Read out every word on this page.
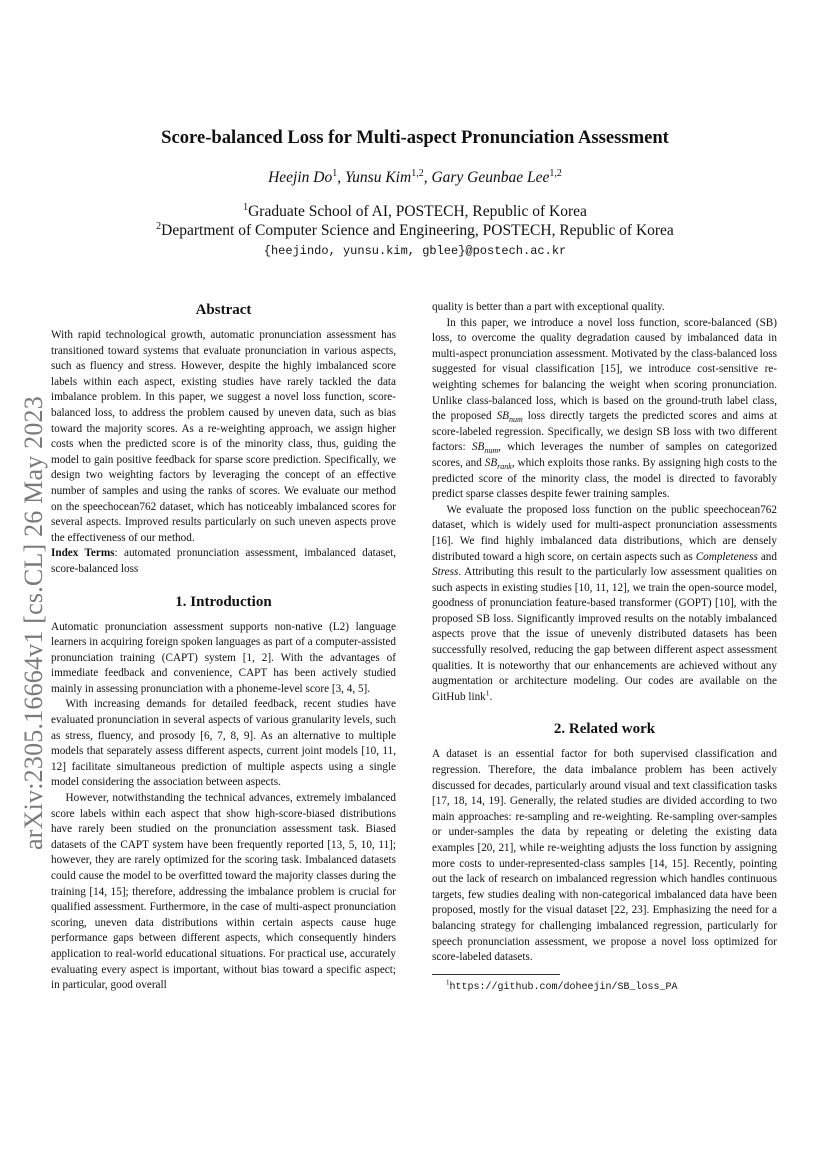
arXiv:2305.16664v1 [cs.CL] 26 May 2023
Score-balanced Loss for Multi-aspect Pronunciation Assessment
Heejin Do$^1$, Yunsu Kim$^{1,2}$, Gary Geunbae Lee$^{1,2}$
$^1$Graduate School of AI, POSTECH, Republic of Korea
$^2$Department of Computer Science and Engineering, POSTECH, Republic of Korea
{heejindo, yunsu.kim, gblee}@postech.ac.kr
Abstract

With rapid technological growth, automatic pronunciation assessment has transitioned toward systems that evaluate pronunciation in various aspects, such as fluency and stress. However, despite the highly imbalanced score labels within each aspect, existing studies have rarely tackled the data imbalance problem. In this paper, we suggest a novel loss function, score-balanced loss, to address the problem caused by uneven data, such as bias toward the majority scores. As a re-weighting approach, we assign higher costs when the predicted score is of the minority class, thus, guiding the model to gain positive feedback for sparse score prediction. Specifically, we design two weighting factors by leveraging the concept of an effective number of samples and using the ranks of scores. We evaluate our method on the speechocean762 dataset, which has noticeably imbalanced scores for several aspects. Improved results particularly on such uneven aspects prove the effectiveness of our method.

Index Terms: automated pronunciation assessment, imbalanced dataset, score-balanced loss

1. Introduction

Automatic pronunciation assessment supports non-native (L2) language learners in acquiring foreign spoken languages as part of a computer-assisted pronunciation training (CAPT) system [1, 2]. With the advantages of immediate feedback and convenience, CAPT has been actively studied mainly in assessing pronunciation with a phoneme-level score [3, 4, 5].

With increasing demands for detailed feedback, recent studies have evaluated pronunciation in several aspects of various granularity levels, such as stress, fluency, and prosody [6, 7, 8, 9]. As an alternative to multiple models that separately assess different aspects, current joint models [10, 11, 12] facilitate simultaneous prediction of multiple aspects using a single model considering the association between aspects.

However, notwithstanding the technical advances, extremely imbalanced score labels within each aspect that show high-score-biased distributions have rarely been studied on the pronunciation assessment task. Biased datasets of the CAPT system have been frequently reported [13, 5, 10, 11]; however, they are rarely optimized for the scoring task. Imbalanced datasets could cause the model to be overfitted toward the majority classes during the training [14, 15]; therefore, addressing the imbalance problem is crucial for qualified assessment. Furthermore, in the case of multi-aspect pronunciation scoring, uneven data distributions within certain aspects cause huge performance gaps between different aspects, which consequently hinders application to real-world educational situations. For practical use, accurately evaluating every aspect is important, without bias toward a specific aspect; in particular, good overall

quality is better than a part with exceptional quality.

In this paper, we introduce a novel loss function, score-balanced (SB) loss, to overcome the quality degradation caused by imbalanced data in multi-aspect pronunciation assessment. Motivated by the class-balanced loss suggested for visual classification [15], we introduce cost-sensitive re-weighting schemes for balancing the weight when scoring pronunciation. Unlike class-balanced loss, which is based on the ground-truth label class, the proposed $SB_{num}$ loss directly targets the predicted scores and aims at score-labeled regression. Specifically, we design SB loss with two different factors: $SB_{num}$, which leverages the number of samples on categorized scores, and $SB_{rank}$, which exploits those ranks. By assigning high costs to the predicted score of the minority class, the model is directed to favorably predict sparse classes despite fewer training samples.

We evaluate the proposed loss function on the public speechocean762 dataset, which is widely used for multi-aspect pronunciation assessments [16]. We find highly imbalanced data distributions, which are densely distributed toward a high score, on certain aspects such as Completeness and Stress. Attributing this result to the particularly low assessment qualities on such aspects in existing studies [10, 11, 12], we train the open-source model, goodness of pronunciation feature-based transformer (GOPT) [10], with the proposed SB loss. Significantly improved results on the notably imbalanced aspects prove that the issue of unevenly distributed datasets has been successfully resolved, reducing the gap between different aspect assessment qualities. It is noteworthy that our enhancements are achieved without any augmentation or architecture modeling. Our codes are available on the GitHub link$^1$.

2. Related work

A dataset is an essential factor for both supervised classification and regression. Therefore, the data imbalance problem has been actively discussed for decades, particularly around visual and text classification tasks [17, 18, 14, 19]. Generally, the related studies are divided according to two main approaches: re-sampling and re-weighting. Re-sampling over-samples or under-samples the data by repeating or deleting the existing data examples [20, 21], while re-weighting adjusts the loss function by assigning more costs to under-represented-class samples [14, 15]. Recently, pointing out the lack of research on imbalanced regression which handles continuous targets, few studies dealing with non-categorical imbalanced data have been proposed, mostly for the visual dataset [22, 23]. Emphasizing the need for a balancing strategy for challenging imbalanced regression, particularly for speech pronunciation assessment, we propose a novel loss optimized for score-labeled datasets.

$^1$https://github.com/doheejin/SB_loss_PA
